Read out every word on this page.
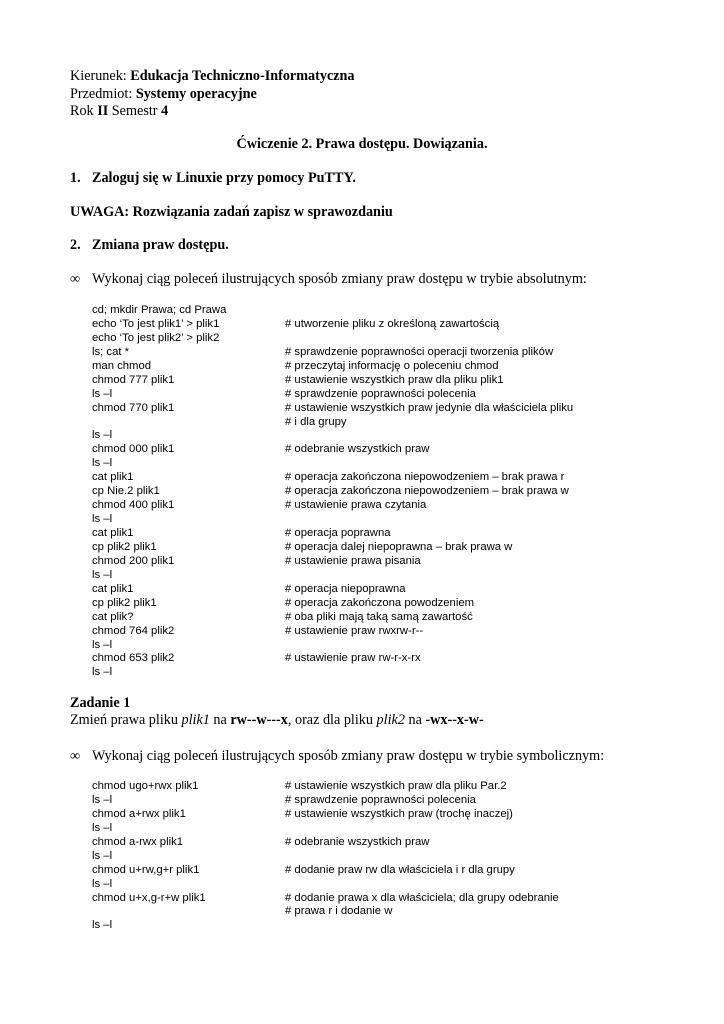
Kierunek: Edukacja Techniczno-Informatyczna
Przedmiot: Systemy operacyjne
Rok II Semestr 4
Ćwiczenie 2. Prawa dostępu. Dowiązania.
1. Zaloguj się w Linuxie przy pomocy PuTTY.
UWAGA: Rozwiązania zadań zapisz w sprawozdaniu
2. Zmiana praw dostępu.
∞ Wykonaj ciąg poleceń ilustrujących sposób zmiany praw dostępu w trybie absolutnym:
cd; mkdir Prawa; cd Prawa
echo ‘To jest plik1’ > plik1	# utworzenie pliku z określoną zawartością
echo ‘To jest plik2’ > plik2
ls; cat *	# sprawdzenie poprawności operacji tworzenia plików
man chmod	# przeczytaj informację o poleceniu chmod
chmod 777 plik1	# ustawienie wszystkich praw dla pliku plik1
ls –l	# sprawdzenie poprawności polecenia
chmod 770 plik1	# ustawienie wszystkich praw jedynie dla właściciela pliku
# i dla grupy
ls –l
chmod 000 plik1	# odebranie wszystkich praw
ls –l
cat plik1	# operacja zakończona niepowodzeniem – brak prawa r
cp Nie.2 plik1	# operacja zakończona niepowodzeniem – brak prawa w
chmod 400 plik1	# ustawienie prawa czytania
ls –l
cat plik1	# operacja poprawna
cp plik2 plik1	# operacja dalej niepoprawna – brak prawa w
chmod 200 plik1	# ustawienie prawa pisania
ls –l
cat plik1	# operacja niepoprawna
cp plik2 plik1	# operacja zakończona powodzeniem
cat plik?	# oba pliki mają taką samą zawartość
chmod 764 plik2	# ustawienie praw rwxrw-r--
ls –l
chmod 653 plik2	# ustawienie praw rw-r-x-rx
ls –l
Zadanie 1
Zmień prawa pliku plik1 na rw--w---x, oraz dla pliku plik2 na -wx--x-w-
∞ Wykonaj ciąg poleceń ilustrujących sposób zmiany praw dostępu w trybie symbolicznym:
chmod ugo+rwx plik1	# ustawienie wszystkich praw dla pliku Par.2
ls –l	# sprawdzenie poprawności polecenia
chmod a+rwx plik1	# ustawienie wszystkich praw (trochę inaczej)
ls –l
chmod a-rwx plik1	# odebranie wszystkich praw
ls –l
chmod u+rw,g+r plik1	# dodanie praw rw dla właściciela i r dla grupy
ls –l
chmod u+x,g-r+w plik1	# dodanie prawa x dla właściciela; dla grupy odebranie
# prawa r i dodanie w
ls –l
